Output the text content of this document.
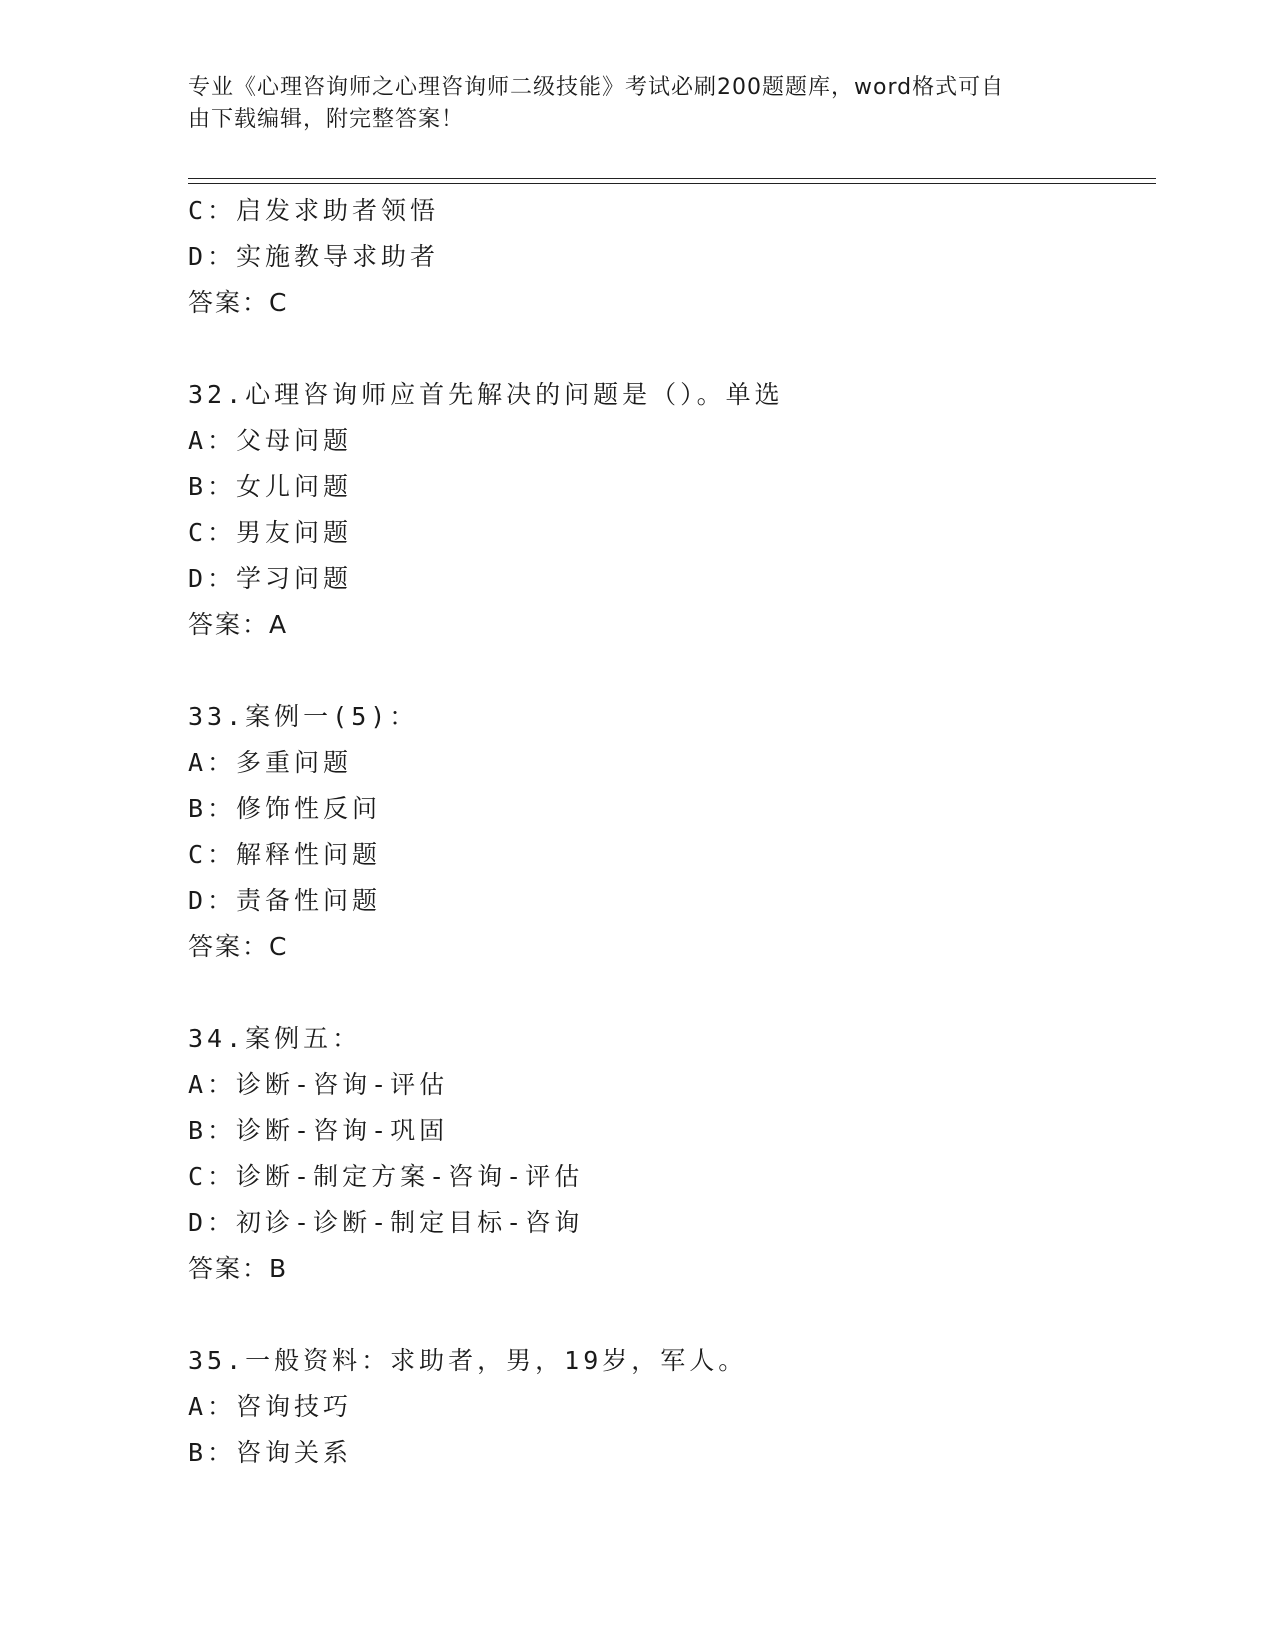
专业《心理咨询师之心理咨询师二级技能》考试必刷200题题库，word格式可自
由下载编辑，附完整答案！
C：启发求助者领悟
D：实施教导求助者
答案：C
32.心理咨询师应首先解决的问题是（）。单选
A：父母问题
B：女儿问题
C：男友问题
D：学习问题
答案：A
33.案例一(5)：
A：多重问题
B：修饰性反问
C：解释性问题
D：责备性问题
答案：C
34.案例五：
A：诊断-咨询-评估
B：诊断-咨询-巩固
C：诊断-制定方案-咨询-评估
D：初诊-诊断-制定目标-咨询
答案：B
35.一般资料：求助者，男，19岁，军人。
A：咨询技巧
B：咨询关系
